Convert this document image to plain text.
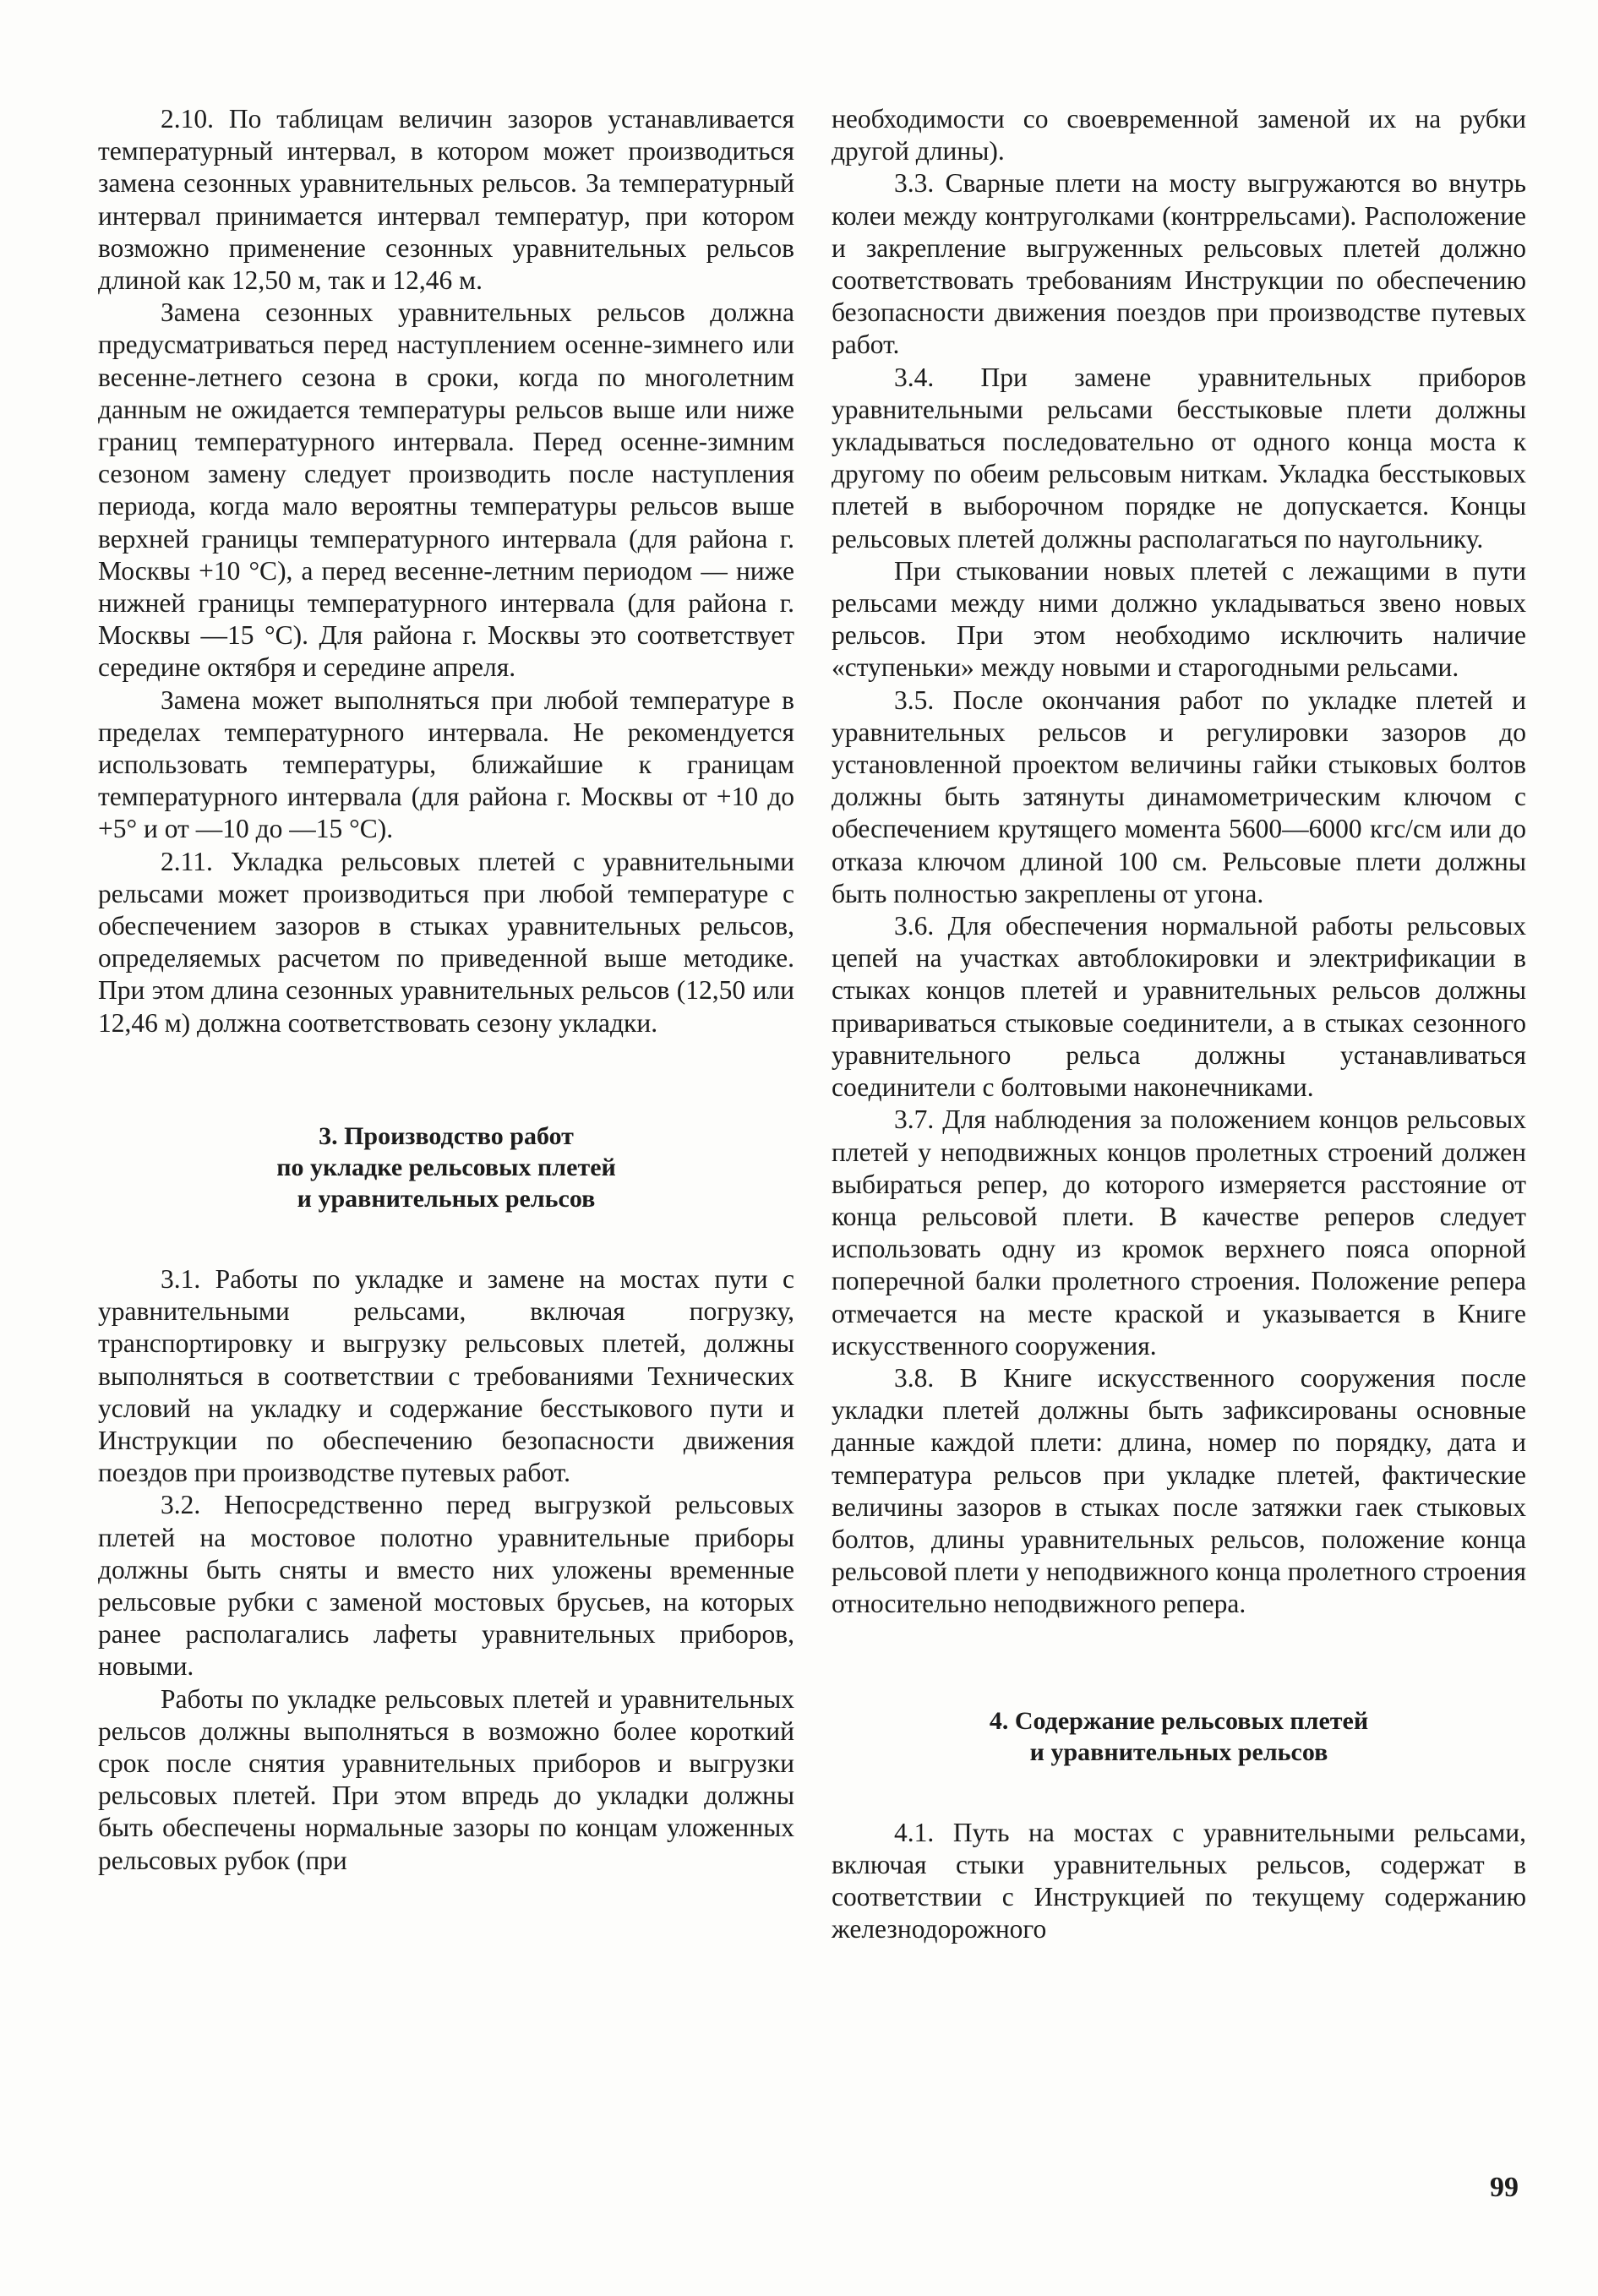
2.10. По таблицам величин зазоров устанавливается температурный интервал, в котором может производиться замена сезонных уравнительных рельсов. За температурный интервал принимается интервал температур, при котором возможно применение сезонных уравнительных рельсов длиной как 12,50 м, так и 12,46 м.

Замена сезонных уравнительных рельсов должна предусматриваться перед наступлением осенне-зимнего или весенне-летнего сезона в сроки, когда по многолетним данным не ожидается температуры рельсов выше или ниже границ температурного интервала. Перед осенне-зимним сезоном замену следует производить после наступления периода, когда мало вероятны температуры рельсов выше верхней границы температурного интервала (для района г. Москвы +10 °С), а перед весенне-летним периодом — ниже нижней границы температурного интервала (для района г. Москвы —15 °С). Для района г. Москвы это соответствует середине октября и середине апреля.

Замена может выполняться при любой температуре в пределах температурного интервала. Не рекомендуется использовать температуры, ближайшие к границам температурного интервала (для района г. Москвы от +10 до +5° и от —10 до —15 °С).

2.11. Укладка рельсовых плетей с уравнительными рельсами может производиться при любой температуре с обеспечением зазоров в стыках уравнительных рельсов, определяемых расчетом по приведенной выше методике. При этом длина сезонных уравнительных рельсов (12,50 или 12,46 м) должна соответствовать сезону укладки.

3. Производство работ
по укладке рельсовых плетей
и уравнительных рельсов

3.1. Работы по укладке и замене на мостах пути с уравнительными рельсами, включая погрузку, транспортировку и выгрузку рельсовых плетей, должны выполняться в соответствии с требованиями Технических условий на укладку и содержание бесстыкового пути и Инструкции по обеспечению безопасности движения поездов при производстве путевых работ.

3.2. Непосредственно перед выгрузкой рельсовых плетей на мостовое полотно уравнительные приборы должны быть сняты и вместо них уложены временные рельсовые рубки с заменой мостовых брусьев, на которых ранее располагались лафеты уравнительных приборов, новыми.

Работы по укладке рельсовых плетей и уравнительных рельсов должны выполняться в возможно более короткий срок после снятия уравнительных приборов и выгрузки рельсовых плетей. При этом впредь до укладки должны быть обеспечены нормальные зазоры по концам уложенных рельсовых рубок (при

необходимости со своевременной заменой их на рубки другой длины).

3.3. Сварные плети на мосту выгружаются во внутрь колеи между контруголками (контррельсами). Расположение и закрепление выгруженных рельсовых плетей должно соответствовать требованиям Инструкции по обеспечению безопасности движения поездов при производстве путевых работ.

3.4. При замене уравнительных приборов уравнительными рельсами бесстыковые плети должны укладываться последовательно от одного конца моста к другому по обеим рельсовым ниткам. Укладка бесстыковых плетей в выборочном порядке не допускается. Концы рельсовых плетей должны располагаться по наугольнику.

При стыковании новых плетей с лежащими в пути рельсами между ними должно укладываться звено новых рельсов. При этом необходимо исключить наличие «ступеньки» между новыми и старогодными рельсами.

3.5. После окончания работ по укладке плетей и уравнительных рельсов и регулировки зазоров до установленной проектом величины гайки стыковых болтов должны быть затянуты динамометрическим ключом с обеспечением крутящего момента 5600—6000 кгс/см или до отказа ключом длиной 100 см. Рельсовые плети должны быть полностью закреплены от угона.

3.6. Для обеспечения нормальной работы рельсовых цепей на участках автоблокировки и электрификации в стыках концов плетей и уравнительных рельсов должны привариваться стыковые соединители, а в стыках сезонного уравнительного рельса должны устанавливаться соединители с болтовыми наконечниками.

3.7. Для наблюдения за положением концов рельсовых плетей у неподвижных концов пролетных строений должен выбираться репер, до которого измеряется расстояние от конца рельсовой плети. В качестве реперов следует использовать одну из кромок верхнего пояса опорной поперечной балки пролетного строения. Положение репера отмечается на месте краской и указывается в Книге искусственного сооружения.

3.8. В Книге искусственного сооружения после укладки плетей должны быть зафиксированы основные данные каждой плети: длина, номер по порядку, дата и температура рельсов при укладке плетей, фактические величины зазоров в стыках после затяжки гаек стыковых болтов, длины уравнительных рельсов, положение конца рельсовой плети у неподвижного конца пролетного строения относительно неподвижного репера.

4. Содержание рельсовых плетей
и уравнительных рельсов

4.1. Путь на мостах с уравнительными рельсами, включая стыки уравнительных рельсов, содержат в соответствии с Инструкцией по текущему содержанию железнодорожного

99
